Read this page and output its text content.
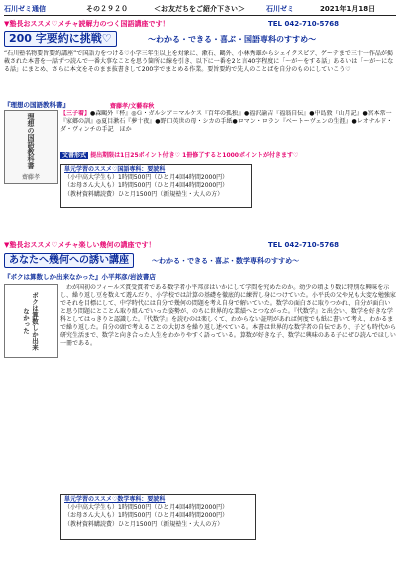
石川ゼミ通信	その２９２０	＜お友だちをご紹介下さい＞	石川ゼミ	2021年1月18日
▼塾長おススメ♡メチャ読解力のつく国語講座です！	TEL 042-710-5768
200 字要約に挑戦♡	～わかる・できる・喜ぶ・国語専科のすすめ～
“石川塾名物要旨要約講座”で国語力をつける♡小学三年生以上を対象に、漱石、鷗外、小林秀雄からシェイクスピア、ゲーテまで三十一作品が掲載された本書を一話ずつ読んで一番大事なことを思う箇所に線を引き、以下に一番を2と言40字程度に「～が～をする話」あるいは「～が～になる話」にまとめ、さらに本文をそのまま抜書きして200字でまとめる作業。要旨要約で先人のことばを自分のものにしていこう♡
『理想の国語教科書』	齋藤孝/文藝春秋
理想の国語教科書
齋藤孝
【三子着】●森鷗外『杯』◎Ｇ・ガルシア＝マルケス『百年の孤独』●福沢諭吉『福翁自伝』●中島敦『山月記』●宮本常一『家郷の訓』◎夏目漱石『夢十夜』●野口英世の母・シカの手紙●ロマン・ロラン『ベートーヴェンの生涯』●レオナルド・ダ・ヴィンチの手記　ほか
文書形式 提出期限は1日25ポイント付き♡ 1冊修了すると1000ポイントが付きます♡
単元学習のススメ♡国語専科：要読科
（小中高大学生も）1時間500円（ひと月4回4時間2000円）
（お母さん大人も）1時間500円（ひと月4回4時間2000円）
（教材資料購読費）ひと月1500円（新規塾生・大人の方）
▼塾長おススメ♡メチャ楽しい幾何の講座です！	TEL 042-710-5768
あなたへ幾何への誘い講座	～わかる・できる・喜ぶ・数学専科のすすめ～
『ボクは算数しか出来なかった』小平邦彦/岩波書店
ボクは算数しか出来なかった
わが国初のフィールズ賞受賞者である数学者小平邦彦はいかにして学問を究めたのか。幼少の頃より数に特別な興味を示し、繰り返し豆を数えて遊んだり、小学校では計算の基礎を徹底的に練習し身につけていた。小平氏の父や兄も大変な勉強家でそれを目標にして、中学時代には自分で幾何の問題を考え自身で解いていた。数学の面白さに取りつかれ、自分が面白いと思う問題にとことん取り組んでいった姿勢が、のちに世界的な業績へとつながった。『代数学』と出会い、数学を好きな学科としてはっきりと認識した。『代数学』を読むのは楽しくて、わからない証明があれば何度でも紙に書いて考え、わかるまで繰り返した。自分の頭で考えることの大切さを繰り返し述べている。本書は世界的な数学者の自伝であり、子ども時代から研究生活まで、数学と向き合った人生をわかりやすく語っている。算数が好きな子、数学に興味のある子にぜひ読んでほしい一冊である。
単元学習のススメ♡数学専科：要読科
（小中高大学生も）1時間500円（ひと月4回4時間2000円）
（お母さん大人も）1時間500円（ひと月4回4時間2000円）
（教材資料購読費）ひと月1500円（新規塾生・大人の方）
